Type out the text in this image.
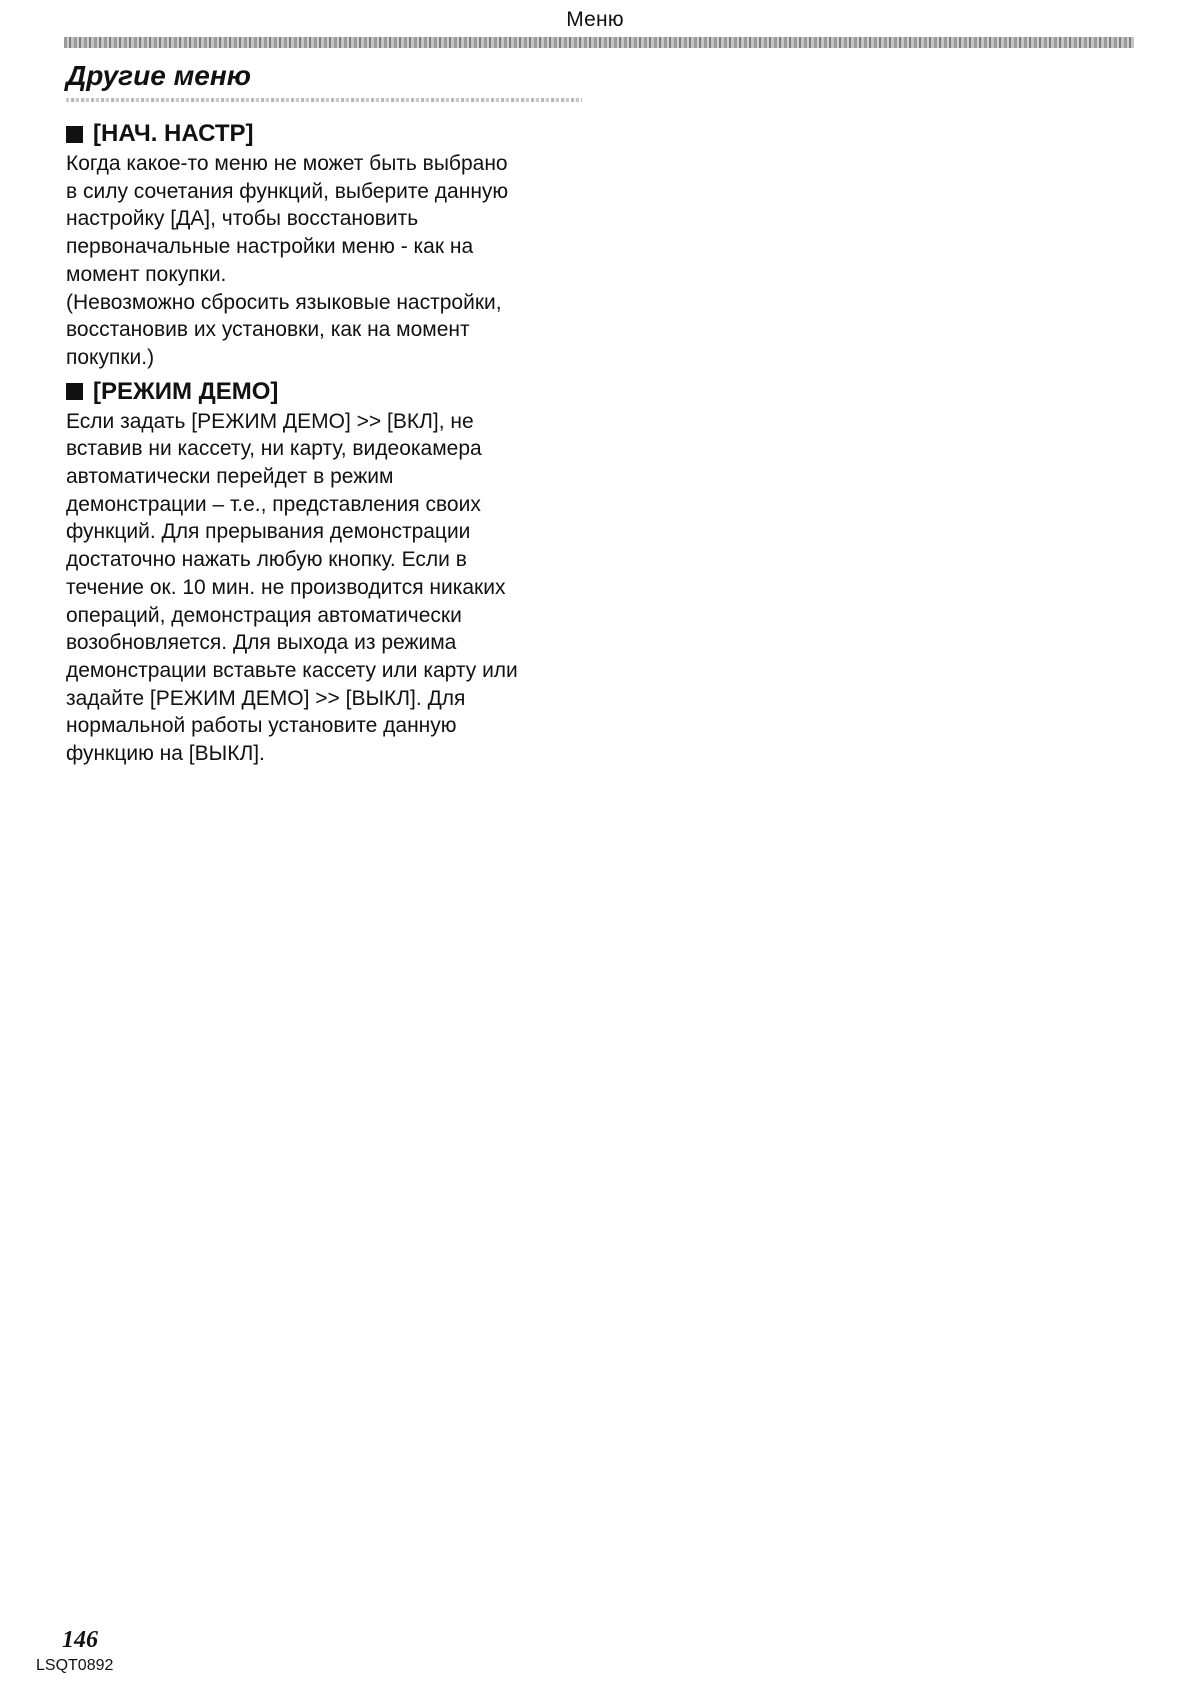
Меню
Другие меню
[НАЧ. НАСТР]

Когда какое-то меню не может быть выбрано
в силу сочетания функций, выберите данную
настройку [ДА], чтобы восстановить
первоначальные настройки меню - как на
момент покупки.
(Невозможно сбросить языковые настройки,
восстановив их установки, как на момент
покупки.)

[РЕЖИМ ДЕМО]

Если задать [РЕЖИМ ДЕМО] >> [ВКЛ], не
вставив ни кассету, ни карту, видеокамера
автоматически перейдет в режим
демонстрации – т.е., представления своих
функций. Для прерывания демонстрации
достаточно нажать любую кнопку. Если в
течение ок. 10 мин. не производится никаких
операций, демонстрация автоматически
возобновляется. Для выхода из режима
демонстрации вставьте кассету или карту или
задайте [РЕЖИМ ДЕМО] >> [ВЫКЛ]. Для
нормальной работы установите данную
функцию на [ВЫКЛ].

146
LSQT0892
